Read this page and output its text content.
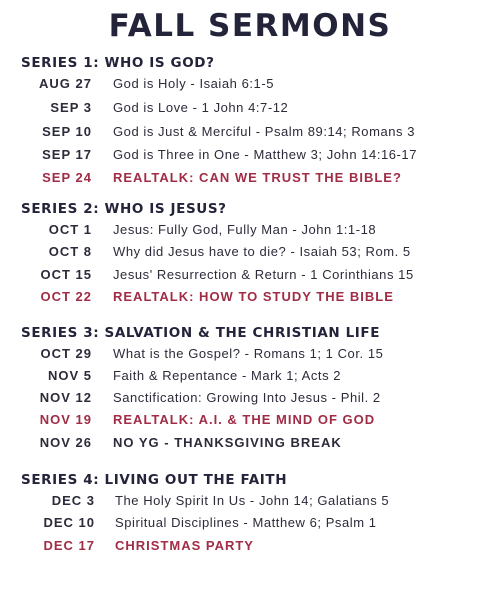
FALL SERMONS
SERIES 1: WHO IS GOD?
AUG 27 God is Holy - Isaiah 6:1-5
SEP 3 God is Love - 1 John 4:7-12
SEP 10 God is Just & Merciful - Psalm 89:14; Romans 3
SEP 17 God is Three in One - Matthew 3; John 14:16-17
SEP 24 REALTALK: CAN WE TRUST THE BIBLE?
SERIES 2: WHO IS JESUS?
OCT 1 Jesus: Fully God, Fully Man - John 1:1-18
OCT 8 Why did Jesus have to die? - Isaiah 53; Rom. 5
OCT 15 Jesus' Resurrection & Return - 1 Corinthians 15
OCT 22 REALTALK: HOW TO STUDY THE BIBLE
SERIES 3: SALVATION & THE CHRISTIAN LIFE
OCT 29 What is the Gospel? - Romans 1; 1 Cor. 15
NOV 5 Faith & Repentance - Mark 1; Acts 2
NOV 12 Sanctification: Growing Into Jesus - Phil. 2
NOV 19 REALTALK: A.I. & THE MIND OF GOD
NOV 26 NO YG - THANKSGIVING BREAK
SERIES 4: LIVING OUT THE FAITH
DEC 3 The Holy Spirit In Us - John 14; Galatians 5
DEC 10 Spiritual Disciplines - Matthew 6; Psalm 1
DEC 17 CHRISTMAS PARTY
